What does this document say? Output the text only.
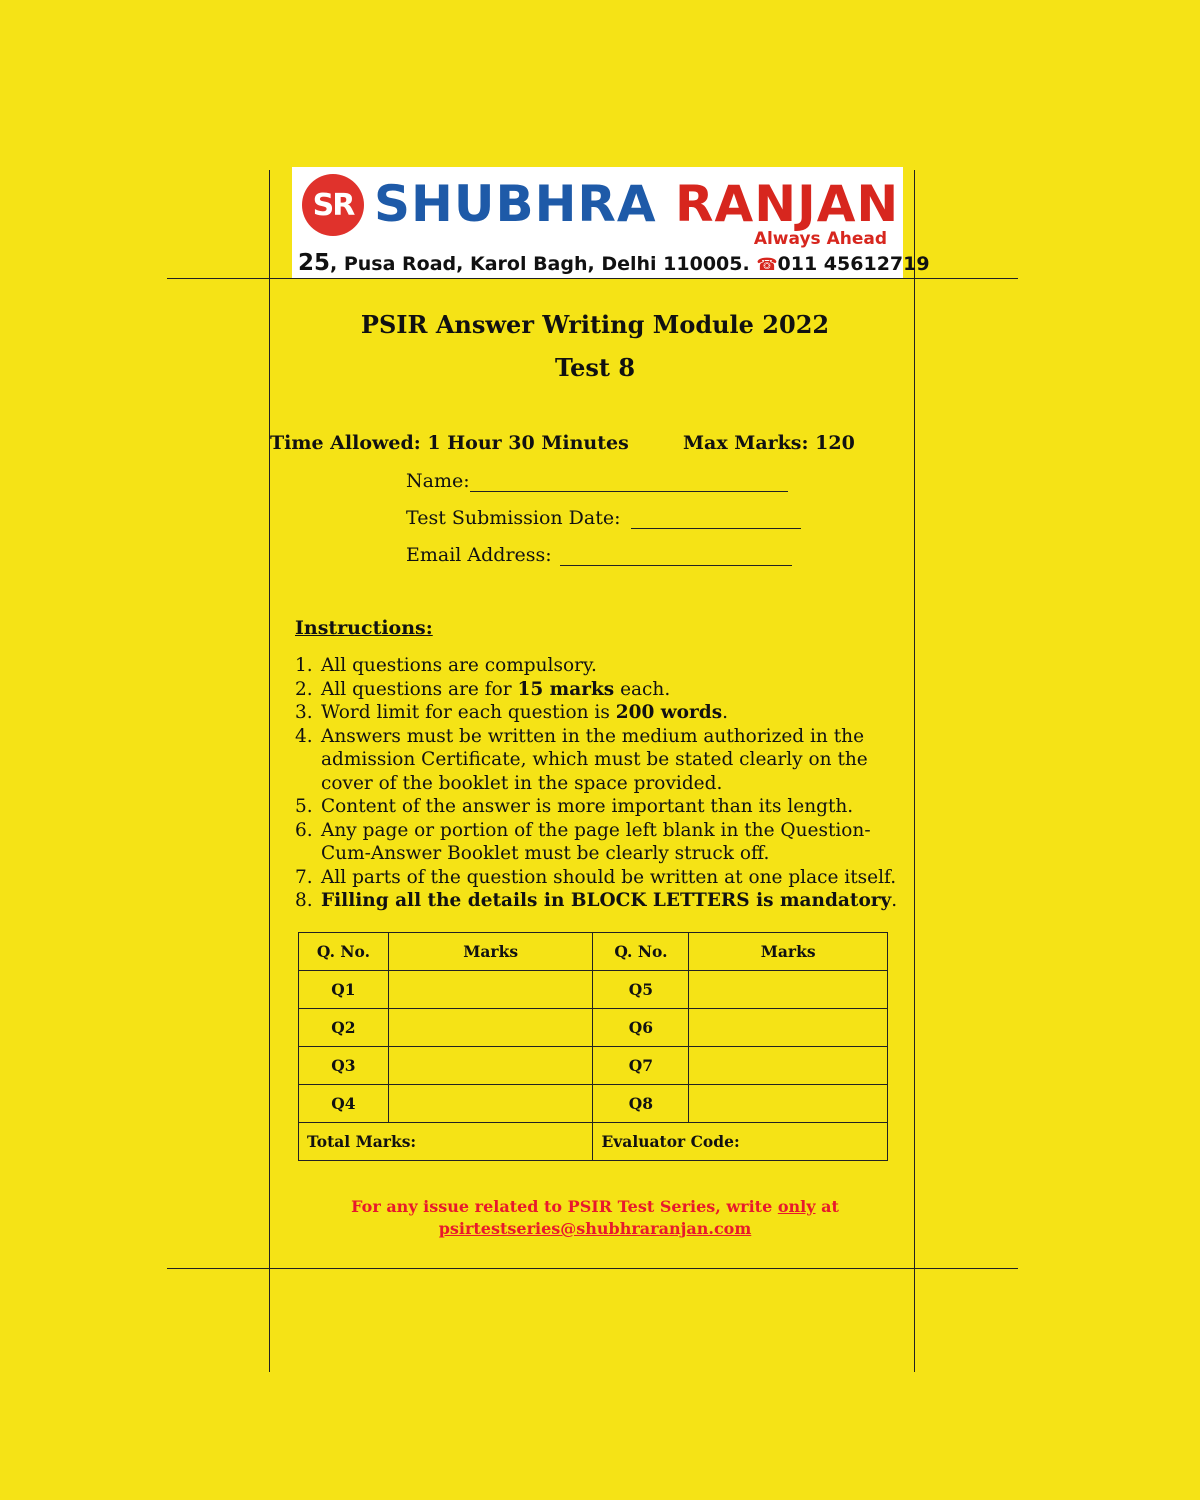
SR SHUBHRA RANJAN
Always Ahead
25, Pusa Road, Karol Bagh, Delhi 110005. ☎011 45612719
PSIR Answer Writing Module 2022
Test 8
Time Allowed: 1 Hour 30 Minutes	Max Marks: 120
Name:
Test Submission Date:
Email Address:
Instructions:
1. All questions are compulsory.
2. All questions are for 15 marks each.
3. Word limit for each question is 200 words.
4. Answers must be written in the medium authorized in the admission Certificate, which must be stated clearly on the cover of the booklet in the space provided.
5. Content of the answer is more important than its length.
6. Any page or portion of the page left blank in the Question-Cum-Answer Booklet must be clearly struck off.
7. All parts of the question should be written at one place itself.
8. Filling all the details in BLOCK LETTERS is mandatory.
Q. No.	Marks	Q. No.	Marks
Q1		Q5	
Q2		Q6	
Q3		Q7	
Q4		Q8	
Total Marks:		Evaluator Code:	
For any issue related to PSIR Test Series, write only at
psirtestseries@shubhraranjan.com
